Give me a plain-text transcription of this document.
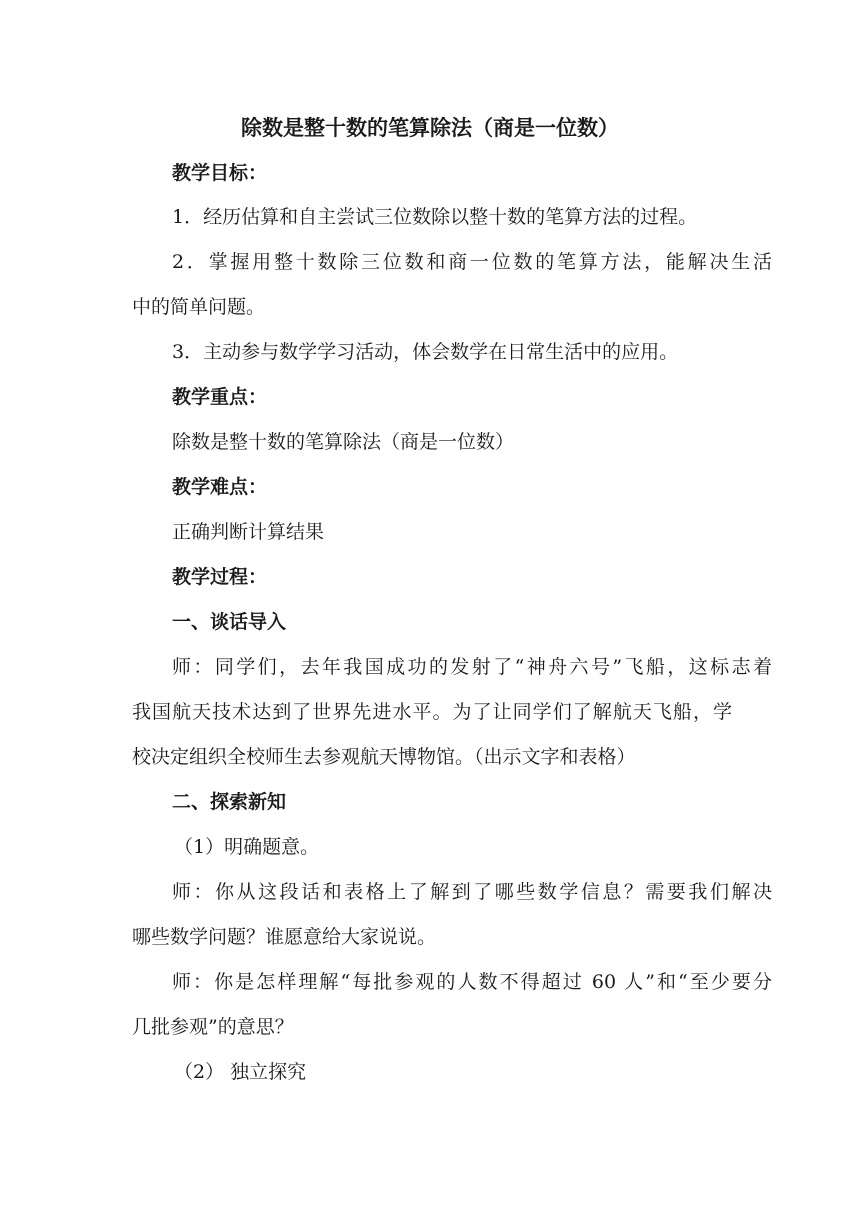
除数是整十数的笔算除法（商是一位数）
教学目标：
1．经历估算和自主尝试三位数除以整十数的笔算方法的过程。
2．掌握用整十数除三位数和商一位数的笔算方法，能解决生活
中的简单问题。
3．主动参与数学学习活动，体会数学在日常生活中的应用。
教学重点：
除数是整十数的笔算除法（商是一位数）
教学难点：
正确判断计算结果
教学过程：
一、谈话导入
师：同学们，去年我国成功的发射了“神舟六号”飞船，这标志着
我国航天技术达到了世界先进水平。为了让同学们了解航天飞船，学
校决定组织全校师生去参观航天博物馆。（出示文字和表格）
二、探索新知
（1）明确题意。
师：你从这段话和表格上了解到了哪些数学信息？需要我们解决
哪些数学问题？谁愿意给大家说说。
师：你是怎样理解“每批参观的人数不得超过 60 人”和“至少要分
几批参观”的意思？
（2） 独立探究
